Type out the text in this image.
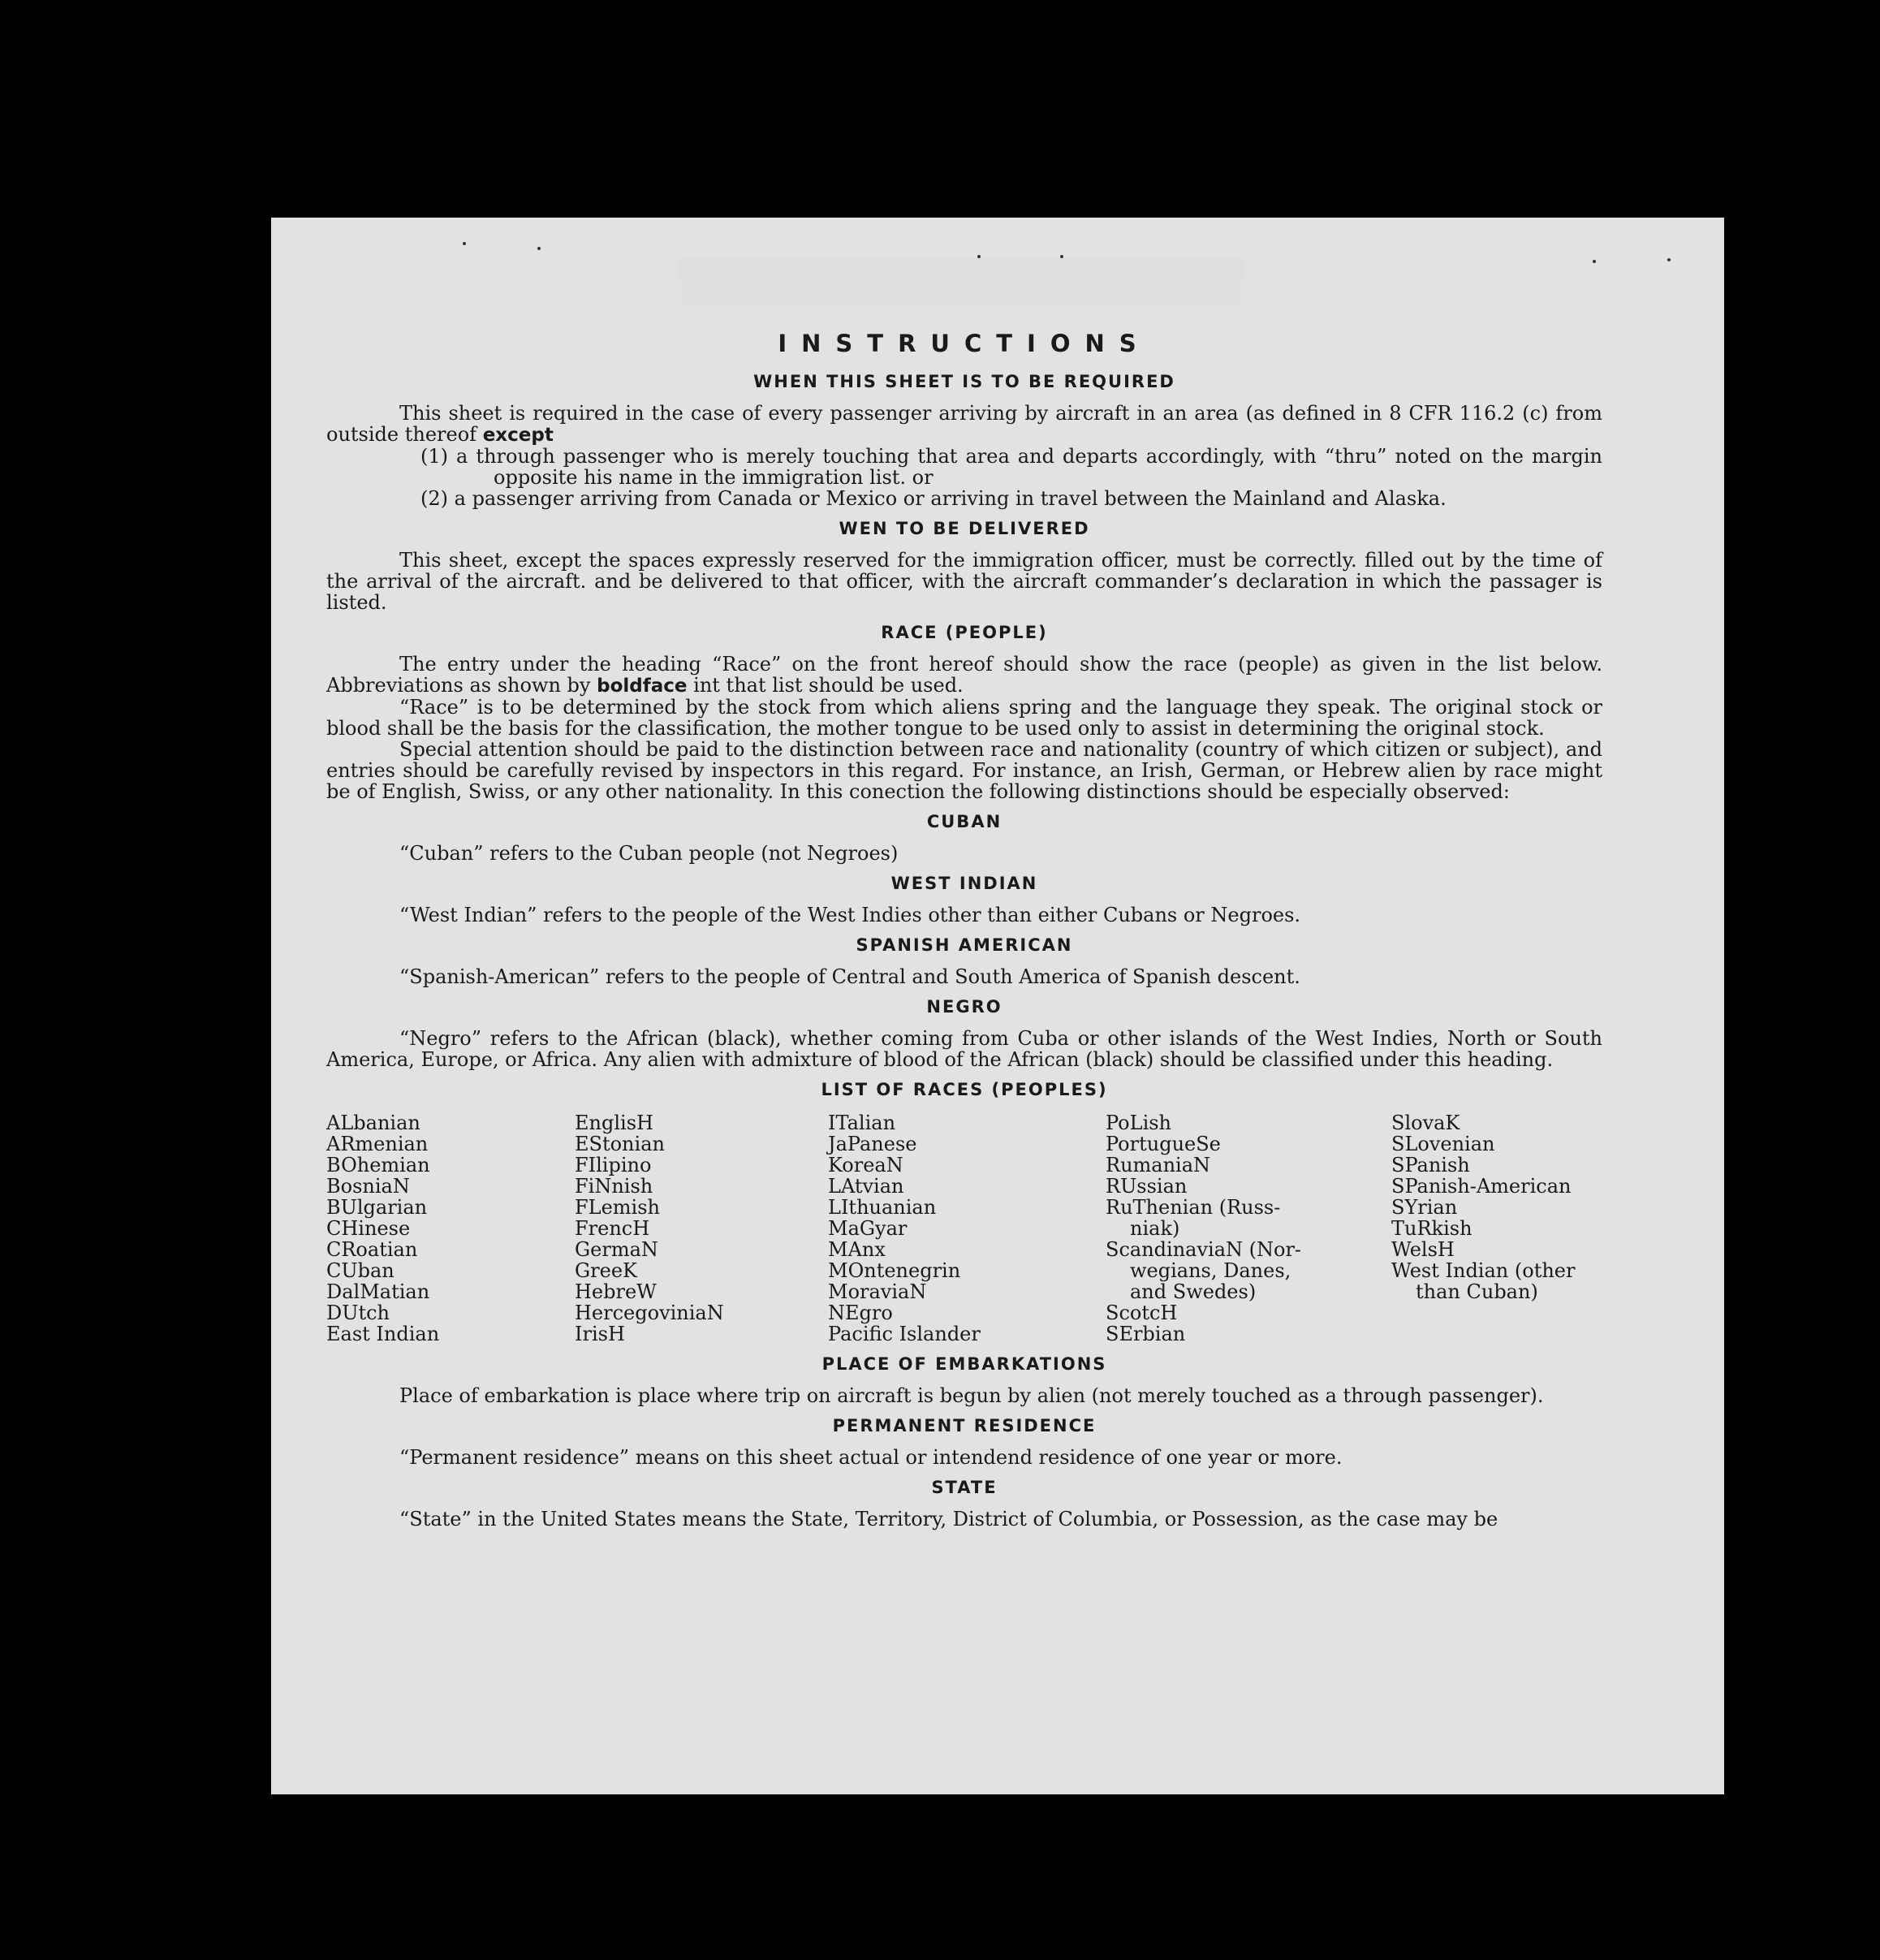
INSTRUCTIONS
WHEN THIS SHEET IS TO BE REQUIRED

This sheet is required in the case of every passenger arriving by aircraft in an area (as defined in 8 CFR 116.2 (c) from outside thereof except

(1) a through passenger who is merely touching that area and departs accordingly, with “thru” noted on the margin opposite his name in the immigration list. or

(2) a passenger arriving from Canada or Mexico or arriving in travel between the Mainland and Alaska.

WEN TO BE DELIVERED

This sheet, except the spaces expressly reserved for the immigration officer, must be correctly. filled out by the time of the arrival of the aircraft. and be delivered to that officer, with the aircraft commander’s declaration in which the passager is listed.

RACE (PEOPLE)

The entry under the heading “Race” on the front hereof should show the race (people) as given in the list below. Abbreviations as shown by boldface int that list should be used.

“Race” is to be determined by the stock from which aliens spring and the language they speak. The original stock or blood shall be the basis for the classification, the mother tongue to be used only to assist in determining the original stock.

Special attention should be paid to the distinction between race and nationality (country of which citizen or subject), and entries should be carefully revised by inspectors in this regard. For instance, an Irish, German, or Hebrew alien by race might be of English, Swiss, or any other nationality. In this conection the following distinctions should be especially observed:

CUBAN

“Cuban” refers to the Cuban people (not Negroes)

WEST INDIAN

“West Indian” refers to the people of the West Indies other than either Cubans or Negroes.

SPANISH AMERICAN

“Spanish-American” refers to the people of Central and South America of Spanish descent.

NEGRO

“Negro” refers to the African (black), whether coming from Cuba or other islands of the West Indies, North or South America, Europe, or Africa. Any alien with admixture of blood of the African (black) should be classified under this heading.

LIST OF RACES (PEOPLES)
ALbanian
ARmenian
BOhemian
BosniaN
BUlgarian
CHinese
CRoatian
CUban
DalMatian
DUtch
East Indian
EnglisH
EStonian
FIlipino
FiNnish
FLemish
FrencH
GermaN
GreeK
HebreW
HercegoviniaN
IrisH
ITalian
JaPanese
KoreaN
LAtvian
LIthuanian
MaGyar
MAnx
MOntenegrin
MoraviaN
NEgro
Pacific Islander
PoLish
PortugueSe
RumaniaN
RUssian
RuThenian (Russ-
niak)
ScandinaviaN (Nor-
wegians, Danes,
and Swedes)
ScotcH
SErbian
SlovaK
SLovenian
SPanish
SPanish-American
SYrian
TuRkish
WelsH
West Indian (other
than Cuban)
PLACE OF EMBARKATIONS

Place of embarkation is place where trip on aircraft is begun by alien (not merely touched as a through passenger).

PERMANENT RESIDENCE

“Permanent residence” means on this sheet actual or intendend residence of one year or more.

STATE

“State” in the United States means the State, Territory, District of Columbia, or Possession, as the case may be
